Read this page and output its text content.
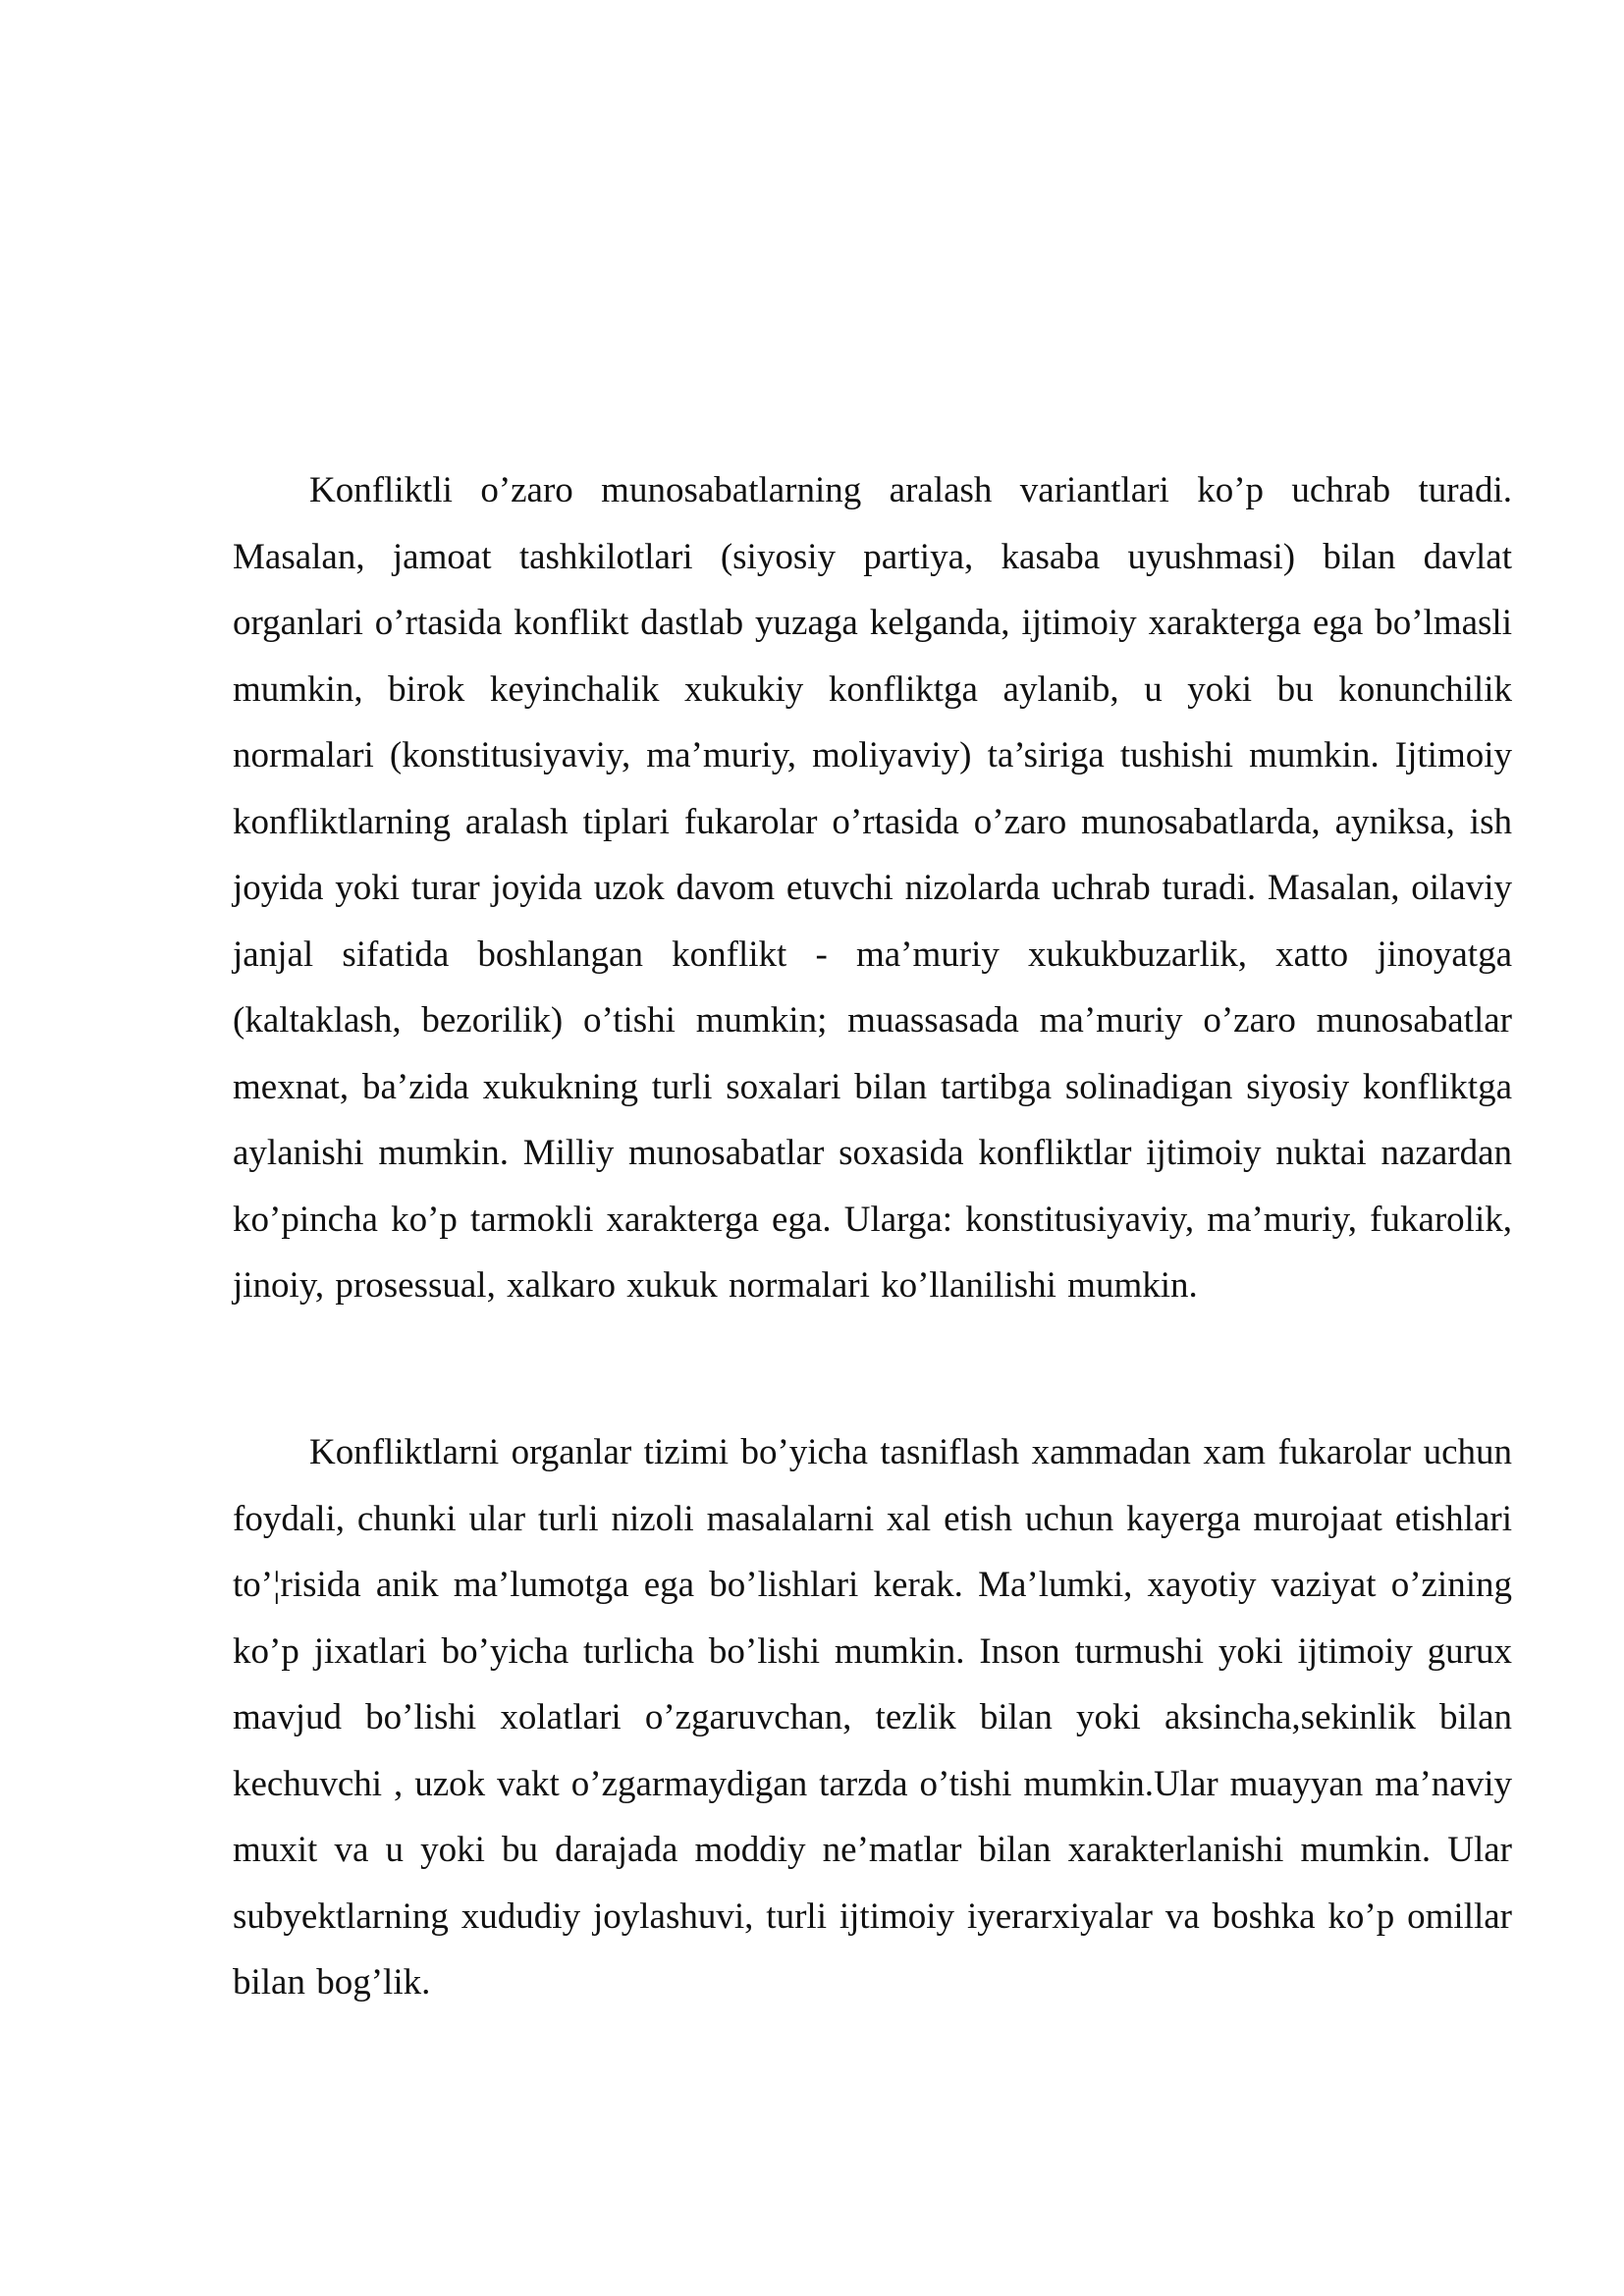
Konfliktli o’zaro munosabatlarning aralash variantlari ko’p uchrab turadi. Masalan, jamoat tashkilotlari (siyosiy partiya, kasaba uyushmasi) bilan davlat organlari o’rtasida konflikt dastlab yuzaga kelganda, ijtimoiy xarakterga ega bo’lmasli mumkin, birok keyinchalik xukukiy konfliktga aylanib, u yoki bu konunchilik normalari (konstitusiyaviy, ma’muriy, moliyaviy) ta’siriga tushishi mumkin. Ijtimoiy konfliktlarning aralash tiplari fukarolar o’rtasida o’zaro munosabatlarda, ayniksa, ish joyida yoki turar joyida uzok davom etuvchi nizolarda uchrab turadi. Masalan, oilaviy janjal sifatida boshlangan konflikt - ma’muriy xukukbuzarlik, xatto jinoyatga (kaltaklash, bezorilik) o’tishi mumkin; muassasada ma’muriy o’zaro munosabatlar mexnat, ba’zida xukukning turli soxalari bilan tartibga solinadigan siyosiy konfliktga aylanishi mumkin. Milliy munosabatlar soxasida konfliktlar ijtimoiy nuktai nazardan ko’pincha ko’p tarmokli xarakterga ega. Ularga: konstitusiyaviy, ma’muriy, fukarolik, jinoiy, prosessual, xalkaro xukuk normalari ko’llanilishi mumkin.

Konfliktlarni organlar tizimi bo’yicha tasniflash xammadan xam fukarolar uchun foydali, chunki ular turli nizoli masalalarni xal etish uchun kayerga murojaat etishlari to’¦risida anik ma’lumotga ega bo’lishlari kerak. Ma’lumki, xayotiy vaziyat o’zining ko’p jixatlari bo’yicha turlicha bo’lishi mumkin. Inson turmushi yoki ijtimoiy gurux mavjud bo’lishi xolatlari o’zgaruvchan, tezlik bilan yoki aksincha,sekinlik bilan kechuvchi , uzok vakt o’zgarmaydigan tarzda o’tishi mumkin.Ular muayyan ma’naviy muxit va u yoki bu darajada moddiy ne’matlar bilan xarakterlanishi mumkin. Ular subyektlarning xududiy joylashuvi, turli ijtimoiy iyerarxiyalar va boshka ko’p omillar bilan bog’lik.
